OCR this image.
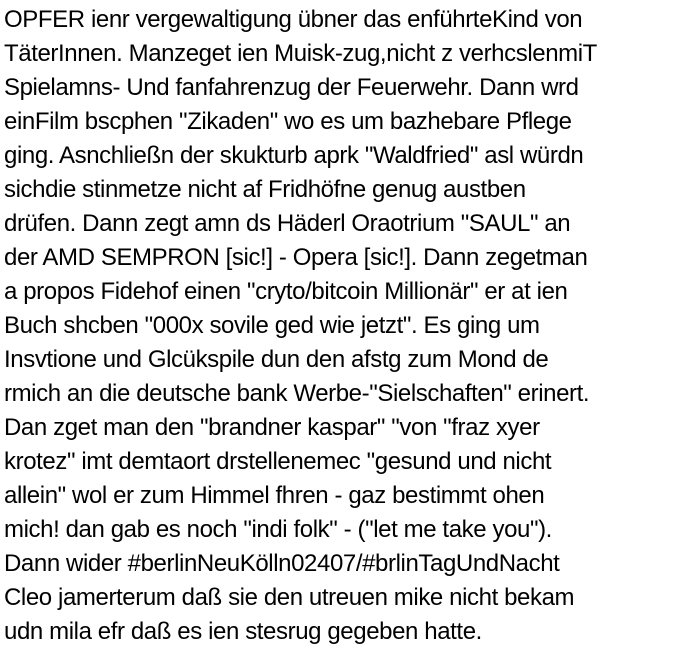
OPFER ienr vergewaltigung übner das enführteKind von
TäterInnen. Manzeget ien Muisk-zug,nicht z verhcslenmiT
Spielamns- Und fanfahrenzug der Feuerwehr. Dann wrd
einFilm bscphen "Zikaden" wo es um bazhebare Pflege
ging. Asnchließn der skukturb aprk "Waldfried" asl würdn
sichdie stinmetze nicht af Fridhöfne genug austben
drüfen. Dann zegt amn ds Häderl Oraotrium "SAUL" an
der AMD SEMPRON [sic!] - Opera [sic!]. Dann zegetman
a propos Fidehof einen "cryto/bitcoin Millionär" er at ien
Buch shcben "000x sovile ged wie jetzt". Es ging um
Insvtione und Glcükspile dun den afstg zum Mond de
rmich an die deutsche bank Werbe-"Sielschaften" erinert.
Dan zget man den "brandner kaspar" "von "fraz xyer
krotez" imt demtaort drstellenemec "gesund und nicht
allein" wol er zum Himmel fhren - gaz bestimmt ohen
mich! dan gab es noch "indi folk" - ("let me take you").
Dann wider #berlinNeuKölln02407/#brlinTagUndNacht
Cleo jamerterum daß sie den utreuen mike nicht bekam
udn mila efr daß es ien stesrug gegeben hatte.
